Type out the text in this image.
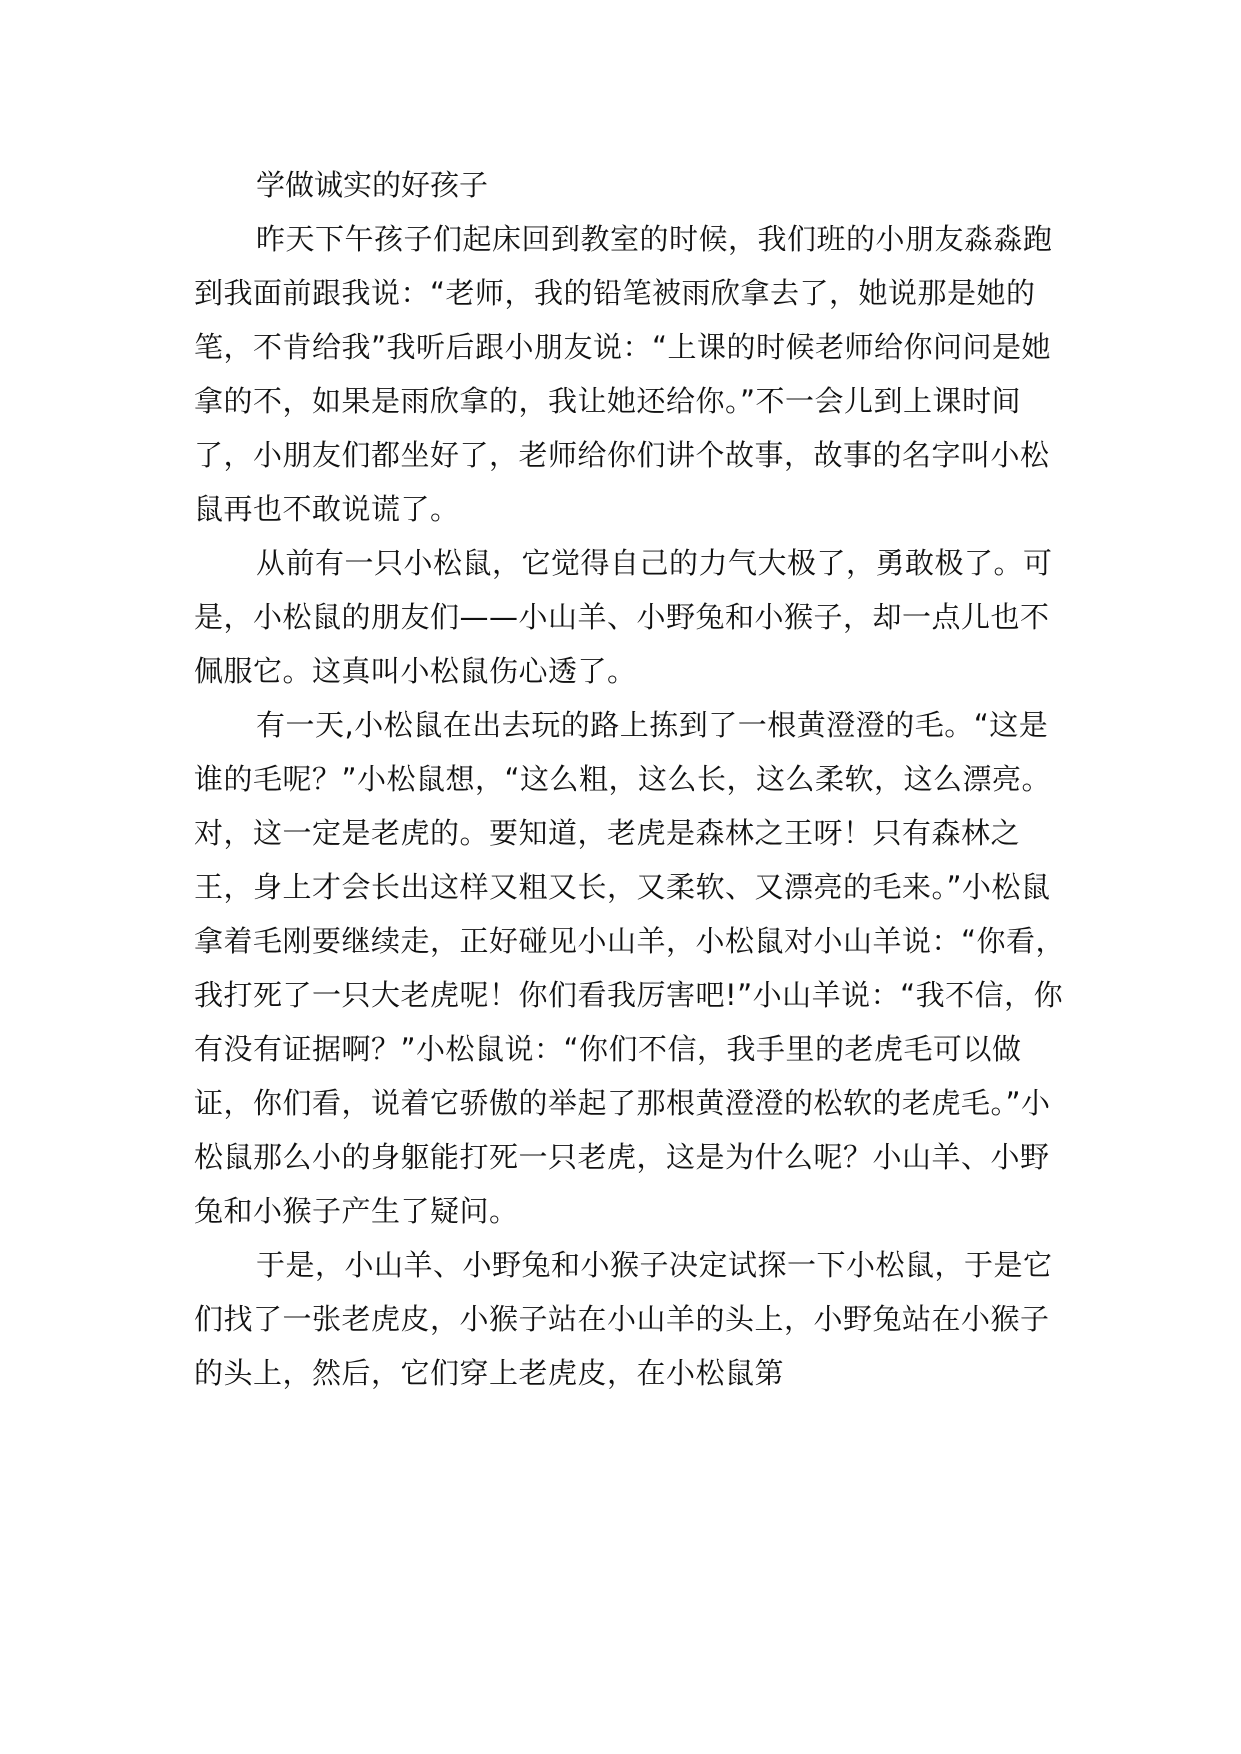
学做诚实的好孩子

昨天下午孩子们起床回到教室的时候，我们班的小朋友淼淼跑到我面前跟我说：“老师，我的铅笔被雨欣拿去了，她说那是她的笔，不肯给我”我听后跟小朋友说：“上课的时候老师给你问问是她拿的不，如果是雨欣拿的，我让她还给你。”不一会儿到上课时间了，小朋友们都坐好了，老师给你们讲个故事，故事的名字叫小松鼠再也不敢说谎了。

从前有一只小松鼠，它觉得自己的力气大极了，勇敢极了。可是，小松鼠的朋友们——小山羊、小野兔和小猴子，却一点儿也不佩服它。这真叫小松鼠伤心透了。

有一天,小松鼠在出去玩的路上拣到了一根黄澄澄的毛。“这是谁的毛呢？”小松鼠想，“这么粗，这么长，这么柔软，这么漂亮。对，这一定是老虎的。要知道，老虎是森林之王呀！只有森林之王，身上才会长出这样又粗又长，又柔软、又漂亮的毛来。”小松鼠拿着毛刚要继续走，正好碰见小山羊，小松鼠对小山羊说：“你看，我打死了一只大老虎呢！你们看我厉害吧!”小山羊说：“我不信，你有没有证据啊？”小松鼠说：“你们不信，我手里的老虎毛可以做证，你们看，说着它骄傲的举起了那根黄澄澄的松软的老虎毛。”小松鼠那么小的身躯能打死一只老虎，这是为什么呢？小山羊、小野兔和小猴子产生了疑问。

于是，小山羊、小野兔和小猴子决定试探一下小松鼠，于是它们找了一张老虎皮，小猴子站在小山羊的头上，小野兔站在小猴子的头上，然后，它们穿上老虎皮，在小松鼠第
